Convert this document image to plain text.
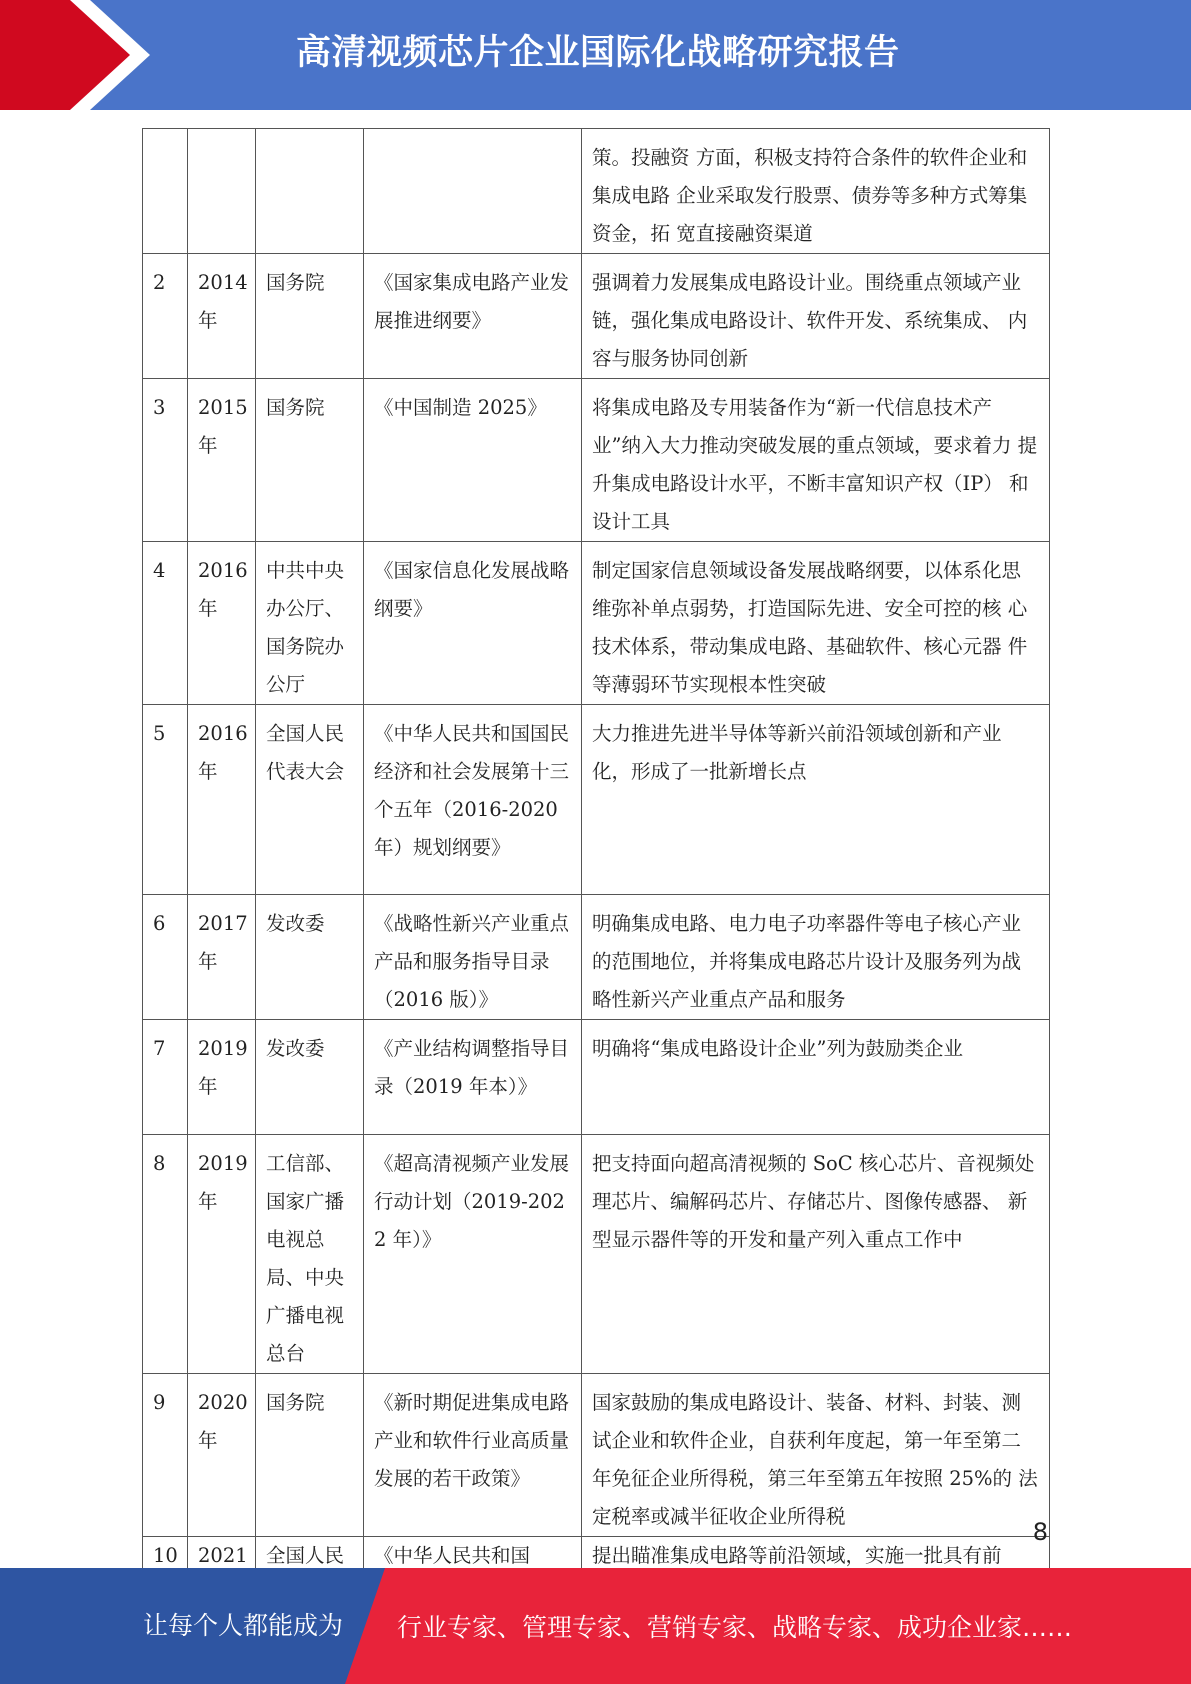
高清视频芯片企业国际化战略研究报告
				策。投融资 方面，积极支持符合条件的软件企业和集成电路 企业采取发行股票、债券等多种方式筹集资金，拓 宽直接融资渠道
2	2014 年	国务院	《国家集成电路产业发展推进纲要》	强调着力发展集成电路设计业。围绕重点领域产业链，强化集成电路设计、软件开发、系统集成、 内容与服务协同创新
3	2015 年	国务院	《中国制造 2025》	将集成电路及专用装备作为“新一代信息技术产业”纳入大力推动突破发展的重点领域，要求着力 提升集成电路设计水平，不断丰富知识产权（IP） 和设计工具
4	2016 年	中共中央办公厅、国务院办公厅	《国家信息化发展战略纲要》	制定国家信息领域设备发展战略纲要，以体系化思维弥补单点弱势，打造国际先进、安全可控的核 心技术体系，带动集成电路、基础软件、核心元器 件等薄弱环节实现根本性突破
5	2016 年	全国人民代表大会	《中华人民共和国国民经济和社会发展第十三个五年（2016-2020 年）规划纲要》	大力推进先进半导体等新兴前沿领域创新和产业化，形成了一批新增长点
6	2017 年	发改委	《战略性新兴产业重点产品和服务指导目录（2016 版）》	明确集成电路、电力电子功率器件等电子核心产业的范围地位，并将集成电路芯片设计及服务列为战略性新兴产业重点产品和服务
7	2019 年	发改委	《产业结构调整指导目录（2019 年本）》	明确将“集成电路设计企业”列为鼓励类企业
8	2019 年	工信部、国家广播电视总局、中央广播电视总台	《超高清视频产业发展行动计划（2019-2022 年）》	把支持面向超高清视频的 SoC 核心芯片、音视频处理芯片、编解码芯片、存储芯片、图像传感器、 新型显示器件等的开发和量产列入重点工作中
9	2020 年	国务院	《新时期促进集成电路产业和软件行业高质量发展的若干政策》	国家鼓励的集成电路设计、装备、材料、封装、测 试企业和软件企业，自获利年度起，第一年至第二 年免征企业所得税，第三年至第五年按照 25%的 法定税率或减半征收企业所得税
10	2021	全国人民	《中华人民共和国	提出瞄准集成电路等前沿领域，实施一批具有前
8
让每个人都能成为 行业专家、管理专家、营销专家、战略专家、成功企业家……
